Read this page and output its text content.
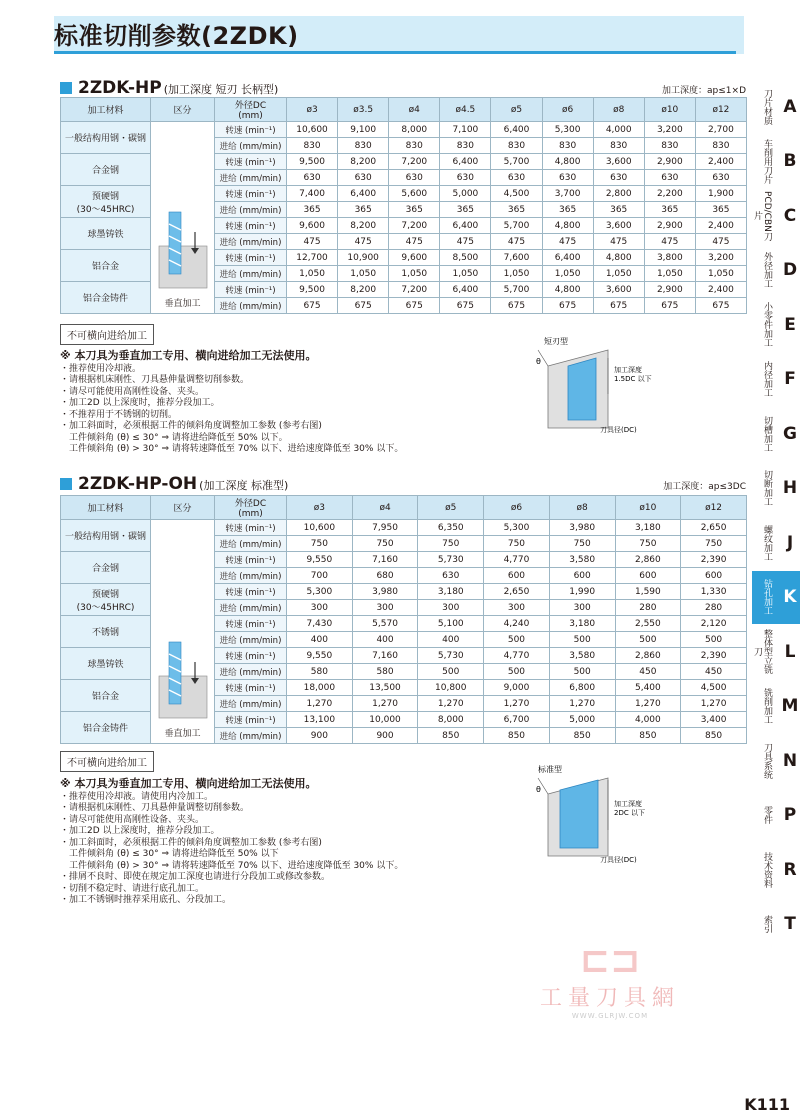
标准切削参数(2ZDK)
2ZDK-HP (加工深度 短刃 长柄型)	加工深度：ap≤1×D
加工材料	区分	外径DC
(mm)	ø3	ø3.5	ø4	ø4.5	ø5	ø6	ø8	ø10	ø12
一般结构用钢・碳钢	垂直加工	转速 (min⁻¹)	10,600	9,100	8,000	7,100	6,400	5,300	4,000	3,200	2,700
		进给 (mm/min)	830	830	830	830	830	830	830	830	830
合金钢		转速 (min⁻¹)	9,500	8,200	7,200	6,400	5,700	4,800	3,600	2,900	2,400
		进给 (mm/min)	630	630	630	630	630	630	630	630	630
预硬钢
(30～45HRC)		转速 (min⁻¹)	7,400	6,400	5,600	5,000	4,500	3,700	2,800	2,200	1,900
		进给 (mm/min)	365	365	365	365	365	365	365	365	365
球墨铸铁		转速 (min⁻¹)	9,600	8,200	7,200	6,400	5,700	4,800	3,600	2,900	2,400
		进给 (mm/min)	475	475	475	475	475	475	475	475	475
铝合金		转速 (min⁻¹)	12,700	10,900	9,600	8,500	7,600	6,400	4,800	3,800	3,200
		进给 (mm/min)	1,050	1,050	1,050	1,050	1,050	1,050	1,050	1,050	1,050
铝合金铸件		转速 (min⁻¹)	9,500	8,200	7,200	6,400	5,700	4,800	3,600	2,900	2,400
		进给 (mm/min)	675	675	675	675	675	675	675	675	675
不可横向进给加工
※ 本刀具为垂直加工专用、横向进给加工无法使用。
・推荐使用冷却液。
・请根据机床刚性、刀具悬伸量调整切削参数。
・请尽可能使用高刚性设备、夹头。
・加工2D 以上深度时，推荐分段加工。
・不推荐用于不锈钢的切削。
・加工斜面时，必须根据工件的倾斜角度调整加工参数 (参考右图)
　工件倾斜角 (θ) ≤ 30° ⇒ 请将进给降低至 50% 以下。
　工件倾斜角 (θ) > 30° ⇒ 请将转速降低至 70% 以下、进给速度降低至 30% 以下。
短刃型
θ
加工深度
1.5DC 以下
刀具径(DC)
2ZDK-HP-OH (加工深度 标准型)	加工深度：ap≤3DC
加工材料	区分	外径DC
(mm)	ø3	ø4	ø5	ø6	ø8	ø10	ø12
一般结构用钢・碳钢	垂直加工	转速 (min⁻¹)	10,600	7,950	6,350	5,300	3,980	3,180	2,650
		进给 (mm/min)	750	750	750	750	750	750	750
合金钢		转速 (min⁻¹)	9,550	7,160	5,730	4,770	3,580	2,860	2,390
		进给 (mm/min)	700	680	630	600	600	600	600
预硬钢
(30～45HRC)		转速 (min⁻¹)	5,300	3,980	3,180	2,650	1,990	1,590	1,330
		进给 (mm/min)	300	300	300	300	300	280	280
不锈钢		转速 (min⁻¹)	7,430	5,570	5,100	4,240	3,180	2,550	2,120
		进给 (mm/min)	400	400	400	500	500	500	500
球墨铸铁		转速 (min⁻¹)	9,550	7,160	5,730	4,770	3,580	2,860	2,390
		进给 (mm/min)	580	580	500	500	500	450	450
铝合金		转速 (min⁻¹)	18,000	13,500	10,800	9,000	6,800	5,400	4,500
		进给 (mm/min)	1,270	1,270	1,270	1,270	1,270	1,270	1,270
铝合金铸件		转速 (min⁻¹)	13,100	10,000	8,000	6,700	5,000	4,000	3,400
		进给 (mm/min)	900	900	850	850	850	850	850
不可横向进给加工
※ 本刀具为垂直加工专用、横向进给加工无法使用。
・推荐使用冷却液。请使用内冷加工。
・请根据机床刚性、刀具悬伸量调整切削参数。
・请尽可能使用高刚性设备、夹头。
・加工2D 以上深度时，推荐分段加工。
・加工斜面时，必须根据工件的倾斜角度调整加工参数 (参考右图)
　工件倾斜角 (θ) ≤ 30° ⇒ 请将进给降低至 50% 以下
　工件倾斜角 (θ) > 30° ⇒ 请将转速降低至 70% 以下、进给速度降低至 30% 以下。
・排屑不良时、即使在规定加工深度也请进行分段加工或修改参数。
・切削不稳定时、请进行底孔加工。
・加工不锈钢时推荐采用底孔、分段加工。
标准型
θ
加工深度
2DC 以下
刀具径(DC)
刀片材质 A
车削用刀片 B
PCD/CBN刀片	C
外径加工 D
小零件加工 E
内径加工 F
切槽加工 G
切断加工 H
螺纹加工 J
钻孔加工 K
整体型立铣刀	L
铣削加工 M
刀具系统 N
零件 P
技术资料 R
索引 T
⊏⊐
工量刀具網
WWW.GLRJW.COM
K111
